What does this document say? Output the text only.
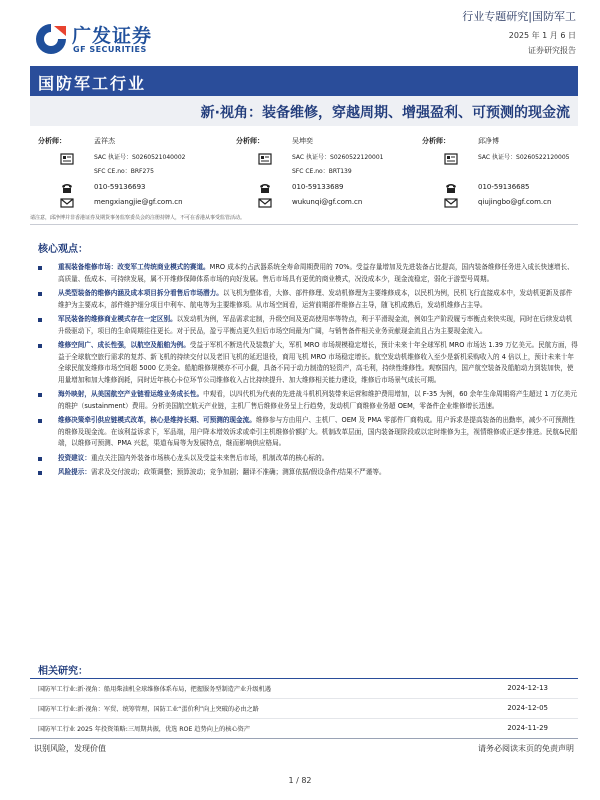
广发证券
GF SECURITIES
行业专题研究|国防军工
2025 年 1 月 6 日
证券研究报告
国防军工行业
新·视角：装备维修，穿越周期、增强盈利、可预测的现金流
分析师：	孟祥杰
SAC 执证号：S0260521040002
SFC CE.no：BRF275
010-59136693
mengxiangjie@gf.com.cn
分析师：	吴坤奕
SAC 执证号：S0260522120001
SFC CE.no：BRT139
010-59133689
wukunqi@gf.com.cn
分析师：	邱净博
SAC 执证号：S0260522120005
010-59136685
qiujingbo@gf.com.cn
请注意，邱净博并非香港证券及期货事务监察委员会的注册持牌人，不可在香港从事受监管活动。
核心观点：
重视装备维修市场：改变军工传统商业模式的赛道。MRO 成本约占武器系统全寿命周期费用的 70%。受益存量增加及先进装备占比提高，国内装备维修任务进入成长快速增长、高质量、低成本、可持续发展，属不开维修保障体系市场的向好发展。售后市场具有更优的商业模式，况没成本少，现金流稳定，弱化于游型号周期。
从类型装备的维修内涵及成本项目拆分看售后市场潜力。以飞机为整体看，大修、部件修理、发动机修理为主要维修成本，以民机为例，民机飞行直接成本中，发动机更新及部件维护为主要成本，部件维护细分项目中利车、航电等为主要维修项。从市场空间看，运营前期部件维修占主导，随飞机成熟后，发动机维修占主导。
军民装备的维修商业模式存在一定区别。以发动机为例，军品需求定制，升级空间及更高使用率等特点，利于平滑现金流，例如生产阶段履亏率衡点来快实现，同时在后续发动机升级驱动下，项目的生命周期往往更长。对于民品，盈亏平衡点更久但后市场空间最为广阔，与销售备件相关业务贡献现金流且占为主要现金流入。
维修空间广、成长性强，以航空及船舶为例。受益于军机不断迭代及装数扩大，军机 MRO 市场规模稳定增长，预计未来十年全球军机 MRO 市场达 1.39 万亿美元。民航方面，得益于全球航空旅行需求的复苏、新飞机的持续交付以及老旧飞机的延迟退役，商用飞机 MRO 市场稳定增长。航空发动机维修收入至少是新机采购收入的 4 倍以上，预计未来十年全球民航发维修市场空间超 5000 亿美金。船舶维修规模亦不可小觑，具备不同于动力制造的轻资产，高毛利，持续性维修性。观察国内，国产航空装备及船舶动力到装加快，使用量增加和加大维修润耗，同时近年核心卡位环节公司维修收入占比持续提升、加大维修相关能力建设，维修后市场景气成长可期。
海外映射，从美国航空产业链看运维业务成长性。中观看，以四代机为代表的先进战斗机机列装带来运营和维护费用增加，以 F-35 为例，60 余年生命周期将产生超过 1 万亿美元的维护（sustainment）费用。分析美国航空航天产业链，主机厂售后维修业务呈上行趋势，发动机厂商维修业务超 OEM，零备件企业维修增长迅速。
维修决策牵引供应链模式改革，核心是维持长期、可预测的现金流。维修参与方由用户、主机厂、OEM 及 PMA 零部件厂商构成。用户诉求是提高装备的出勤率，减少不可预测性的维修及现金流。在该利益诉求下，军品端，用户降本增效诉求或牵引主机维修价额扩大。机制改革层面，国内装备现阶段或以定时维修为主，视情维修或正逐步推进。民航&民船端，以维修可预测、PMA 兴起，渠道布局等为发展特点，继而影响供应格局。
投资建议：重点关注国内外装备市场核心龙头以及受益未来售后市场，机制改革的核心标的。
风险提示：需求及交付波动；政策调整；预算波动；竞争加剧；翻译不准确；测算依据/假设条件/结果不严谨等。
相关研究：
国防军工行业:新·视角：船用柴油机全球维修体系布局，把握服务型制造产业升级机遇	2024-12-13
国防军工行业:新·视角：军贸、统筹管理，国防工业“蛋价利”向上突破的必由之路	2024-12-05
国防军工行业 2025 年投资策略:三周期共振，优选 ROE 趋势向上的核心资产	2024-11-29
识别风险，发现价值	请务必阅读末页的免责声明
1 / 82
